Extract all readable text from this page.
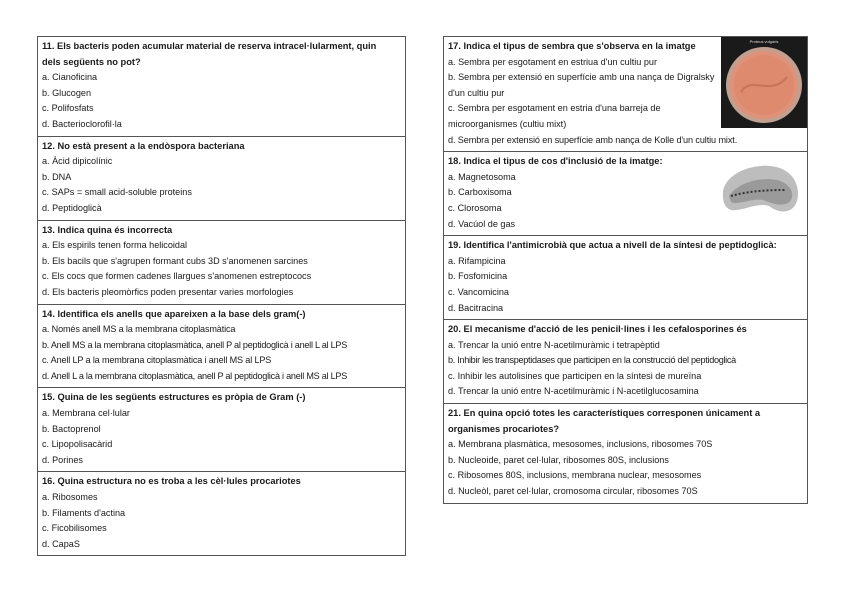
11. Els bacteris poden acumular material de reserva intracel·lularment, quin dels següents no pot?
a. Cianoficina
b. Glucogen
c. Polifosfats
d. Bacterioclorofil·la
12. No està present a la endòspora bacteriana
a. Àcid dipicolínic
b. DNA
c. SAPs = small acid-soluble proteins
d. Peptidoglicà
13. Indica quina és incorrecta
a. Els espirils tenen forma helicoidal
b. Els bacils que s'agrupen formant cubs 3D s'anomenen sarcines
c. Els cocs que formen cadenes llargues s'anomenen estreptococs
d. Els bacteris pleomòrfics poden presentar varies morfologies
14. Identifica els anells que apareixen a la base dels gram(-)
a. Només anell MS a la membrana citoplasmàtica
b. Anell MS a la membrana citoplasmàtica, anell P al peptidoglicà i anell L al LPS
c. Anell LP a la membrana citoplasmàtica i anell MS al LPS
d. Anell L a la membrana citoplasmàtica, anell P al peptidoglicà i anell MS al LPS
15. Quina de les següents estructures es pròpia de Gram (-)
a. Membrana cel·lular
b. Bactoprenol
c. Lipopolisacàrid
d. Porines
16. Quina estructura no es troba a les cèl·lules procariotes
a. Ribosomes
b. Filaments d'actina
c. Ficobilisomes
d. CapaS
17. Indica el tipus de sembra que s'observa en la imatge
a. Sembra per esgotament en estriua d'un cultiu pur
b. Sembra per extensió en superfície amb una nança de Digralsky d'un cultiu pur
c. Sembra per esgotament en estria d'una barreja de microorganismes (cultiu mixt)
d. Sembra per extensió en superfície amb nança de Kolle d'un cultiu mixt.
Proteus vulgaris
18. Indica el tipus de cos d'inclusió de la imatge:
a. Magnetosoma
b. Carboxisoma
c. Clorosoma
d. Vacúol de gas
19. Identifica l'antimicrobià que actua a nivell de la síntesi de peptidoglicà:
a. Rifampicina
b. Fosfomicina
c. Vancomicina
d. Bacitracina
20. El mecanisme d'acció de les penicil·lines i les cefalosporines és
a. Trencar la unió entre N-acetilmuràmic i tetrapèptid
b. Inhibir les transpeptidases que participen en la construcció del peptidoglicà
c. Inhibir les autolisines que participen en la síntesi de mureïna
d. Trencar la unió entre N-acetilmuràmic i N-acetilglucosamina
21. En quina opció totes les característiques corresponen únicament a organismes procariotes?
a. Membrana plasmàtica, mesosomes, inclusions, ribosomes 70S
b. Nucleoide, paret cel·lular, ribosomes 80S, inclusions
c. Ribosomes 80S, inclusions, membrana nuclear, mesosomes
d. Nucleòl, paret cel·lular, cromosoma circular, ribosomes 70S
